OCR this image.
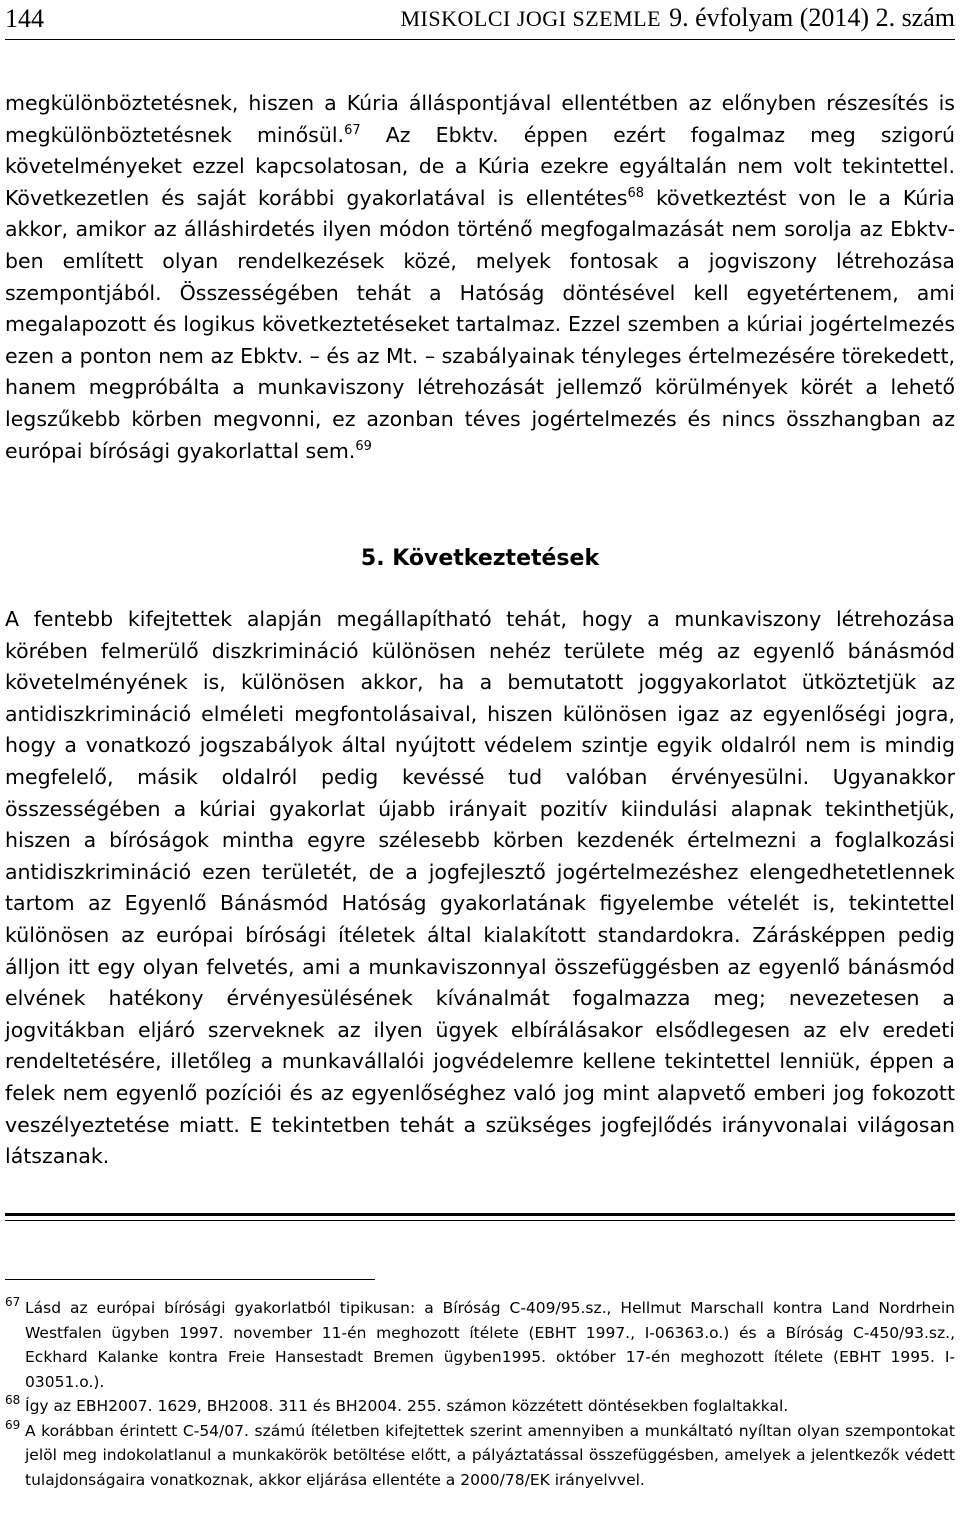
144	MISKOLCI JOGI SZEMLE 9. évfolyam (2014) 2. szám
megkülönböztetésnek, hiszen a Kúria álláspontjával ellentétben az előnyben részesítés is megkülönböztetésnek minősül.$^{67}$ Az Ebktv. éppen ezért fogalmaz meg szigorú követelményeket ezzel kapcsolatosan, de a Kúria ezekre egyáltalán nem volt tekintettel. Következetlen és saját korábbi gyakorlatával is ellentétes$^{68}$ következtést von le a Kúria akkor, amikor az álláshirdetés ilyen módon történő megfogalmazását nem sorolja az Ebktv-ben említett olyan rendelkezések közé, melyek fontosak a jogviszony létrehozása szempontjából. Összességében tehát a Hatóság döntésével kell egyetértenem, ami megalapozott és logikus következtetéseket tartalmaz. Ezzel szemben a kúriai jogértelmezés ezen a ponton nem az Ebktv. – és az Mt. – szabályainak tényleges értelmezésére törekedett, hanem megpróbálta a munkaviszony létrehozását jellemző körülmények körét a lehető legszűkebb körben megvonni, ez azonban téves jogértelmezés és nincs összhangban az európai bírósági gyakorlattal sem.$^{69}$
5. Következtetések
A fentebb kifejtettek alapján megállapítható tehát, hogy a munkaviszony létrehozása körében felmerülő diszkrimináció különösen nehéz területe még az egyenlő bánásmód követelményének is, különösen akkor, ha a bemutatott joggyakorlatot ütköztetjük az antidiszkrimináció elméleti megfontolásaival, hiszen különösen igaz az egyenlőségi jogra, hogy a vonatkozó jogszabályok által nyújtott védelem szintje egyik oldalról nem is mindig megfelelő, másik oldalról pedig kevéssé tud valóban érvényesülni. Ugyanakkor összességében a kúriai gyakorlat újabb irányait pozitív kiindulási alapnak tekinthetjük, hiszen a bíróságok mintha egyre szélesebb körben kezdenék értelmezni a foglalkozási antidiszkrimináció ezen területét, de a jogfejlesztő jogértelmezéshez elengedhetetlennek tartom az Egyenlő Bánásmód Hatóság gyakorlatának figyelembe vételét is, tekintettel különösen az európai bírósági ítéletek által kialakított standardokra. Zárásképpen pedig álljon itt egy olyan felvetés, ami a munkaviszonnyal összefüggésben az egyenlő bánásmód elvének hatékony érvényesülésének kívánalmát fogalmazza meg; nevezetesen a jogvitákban eljáró szerveknek az ilyen ügyek elbírálásakor elsődlegesen az elv eredeti rendeltetésére, illetőleg a munkavállalói jogvédelemre kellene tekintettel lenniük, éppen a felek nem egyenlő pozíciói és az egyenlőséghez való jog mint alapvető emberi jog fokozott veszélyeztetése miatt. E tekintetben tehát a szükséges jogfejlődés irányvonalai világosan látszanak.
67 Lásd az európai bírósági gyakorlatból tipikusan: a Bíróság C-409/95.sz., Hellmut Marschall kontra Land Nordrhein Westfalen ügyben 1997. november 11-én meghozott ítélete (EBHT 1997., I-06363.o.) és a Bíróság C-450/93.sz., Eckhard Kalanke kontra Freie Hansestadt Bremen ügyben1995. október 17-én meghozott ítélete (EBHT 1995. I-03051.o.).
68 Így az EBH2007. 1629, BH2008. 311 és BH2004. 255. számon közzétett döntésekben foglaltakkal.
69 A korábban érintett C-54/07. számú ítéletben kifejtettek szerint amennyiben a munkáltató nyíltan olyan szempontokat jelöl meg indokolatlanul a munkakörök betöltése előtt, a pályáztatással összefüggésben, amelyek a jelentkezők védett tulajdonságaira vonatkoznak, akkor eljárása ellentéte a 2000/78/EK irányelvvel.
